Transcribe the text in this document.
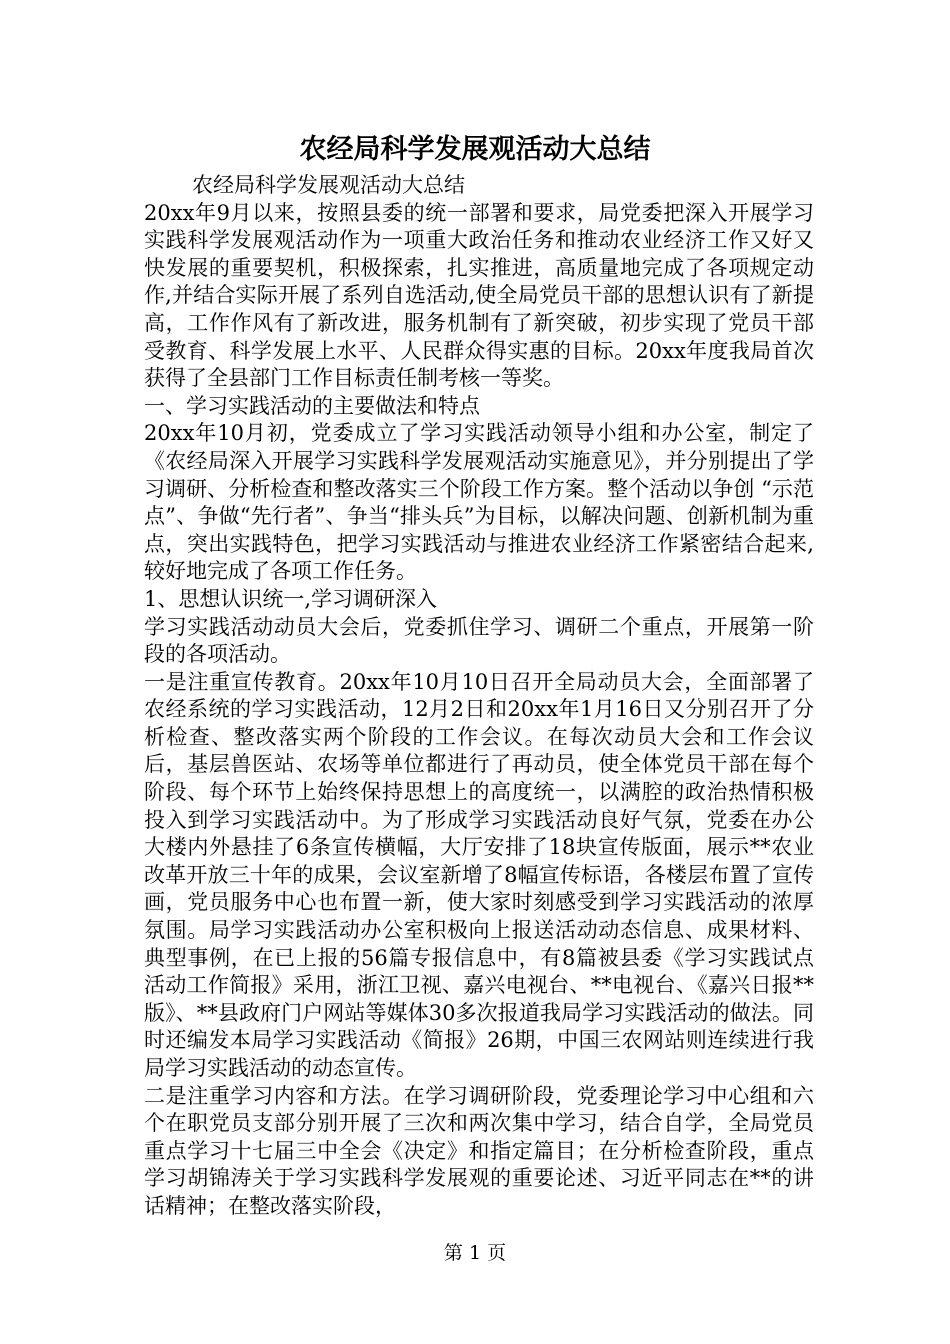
农经局科学发展观活动大总结

农经局科学发展观活动大总结

20xx年9月以来，按照县委的统一部署和要求，局党委把深入开展学习实践科学发展观活动作为一项重大政治任务和推动农业经济工作又好又快发展的重要契机，积极探索，扎实推进，高质量地完成了各项规定动作,并结合实际开展了系列自选活动,使全局党员干部的思想认识有了新提高，工作作风有了新改进，服务机制有了新突破，初步实现了党员干部受教育、科学发展上水平、人民群众得实惠的目标。20xx年度我局首次获得了全县部门工作目标责任制考核一等奖。

一、学习实践活动的主要做法和特点

20xx年10月初，党委成立了学习实践活动领导小组和办公室，制定了《农经局深入开展学习实践科学发展观活动实施意见》，并分别提出了学习调研、分析检查和整改落实三个阶段工作方案。整个活动以争创 “示范点”、争做“先行者”、争当“排头兵”为目标，以解决问题、创新机制为重点，突出实践特色，把学习实践活动与推进农业经济工作紧密结合起来,较好地完成了各项工作任务。

1、思想认识统一,学习调研深入

学习实践活动动员大会后，党委抓住学习、调研二个重点，开展第一阶段的各项活动。

一是注重宣传教育。20xx年10月10日召开全局动员大会，全面部署了农经系统的学习实践活动，12月2日和20xx年1月16日又分别召开了分析检查、整改落实两个阶段的工作会议。在每次动员大会和工作会议后，基层兽医站、农场等单位都进行了再动员，使全体党员干部在每个阶段、每个环节上始终保持思想上的高度统一，以满腔的政治热情积极投入到学习实践活动中。为了形成学习实践活动良好气氛，党委在办公大楼内外悬挂了6条宣传横幅，大厅安排了18块宣传版面，展示**农业改革开放三十年的成果，会议室新增了8幅宣传标语，各楼层布置了宣传画，党员服务中心也布置一新，使大家时刻感受到学习实践活动的浓厚氛围。局学习实践活动办公室积极向上报送活动动态信息、成果材料、典型事例，在已上报的56篇专报信息中，有8篇被县委《学习实践试点活动工作简报》采用，浙江卫视、嘉兴电视台、**电视台、《嘉兴日报**版》、**县政府门户网站等媒体30多次报道我局学习实践活动的做法。同时还编发本局学习实践活动《简报》26期，中国三农网站则连续进行我局学习实践活动的动态宣传。

二是注重学习内容和方法。在学习调研阶段，党委理论学习中心组和六个在职党员支部分别开展了三次和两次集中学习，结合自学，全局党员重点学习十七届三中全会《决定》和指定篇目；在分析检查阶段，重点学习胡锦涛关于学习实践科学发展观的重要论述、习近平同志在**的讲话精神；在整改落实阶段，

第 1 页
